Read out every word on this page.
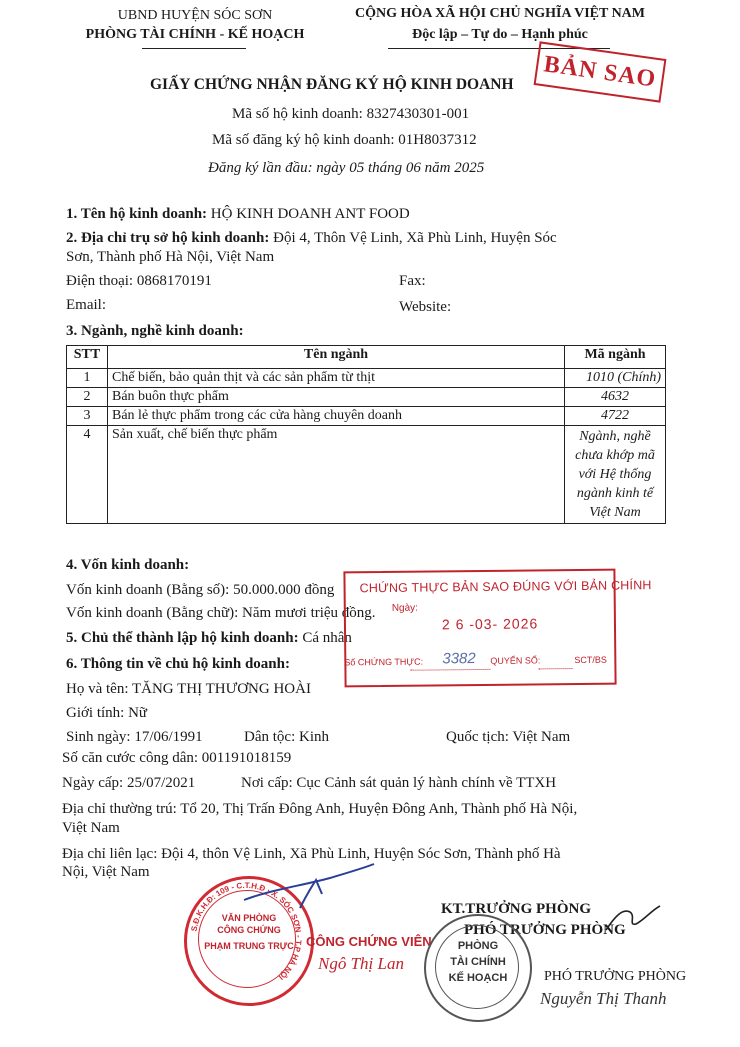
UBND HUYỆN SÓC SƠN
PHÒNG TÀI CHÍNH - KẾ HOẠCH
CỘNG HÒA XÃ HỘI CHỦ NGHĨA VIỆT NAM
Độc lập – Tự do – Hạnh phúc
BẢN SAO
GIẤY CHỨNG NHẬN ĐĂNG KÝ HỘ KINH DOANH
Mã số hộ kinh doanh: 8327430301-001
Mã số đăng ký hộ kinh doanh: 01H8037312
Đăng ký lần đầu: ngày 05 tháng 06 năm 2025
1. Tên hộ kinh doanh: HỘ KINH DOANH ANT FOOD
2. Địa chỉ trụ sở hộ kinh doanh: Đội 4, Thôn Vệ Linh, Xã Phù Linh, Huyện Sóc
Sơn, Thành phố Hà Nội, Việt Nam
Điện thoại: 0868170191	Fax:
Email:	Website:
3. Ngành, nghề kinh doanh:
STT	Tên ngành	Mã ngành
1	Chế biến, bảo quản thịt và các sản phẩm từ thịt	1010 (Chính)
2	Bán buôn thực phẩm	4632
3	Bán lẻ thực phẩm trong các cửa hàng chuyên doanh	4722
4	Sản xuất, chế biến thực phẩm	Ngành, nghề chưa khớp mã với Hệ thống ngành kinh tế Việt Nam
4. Vốn kinh doanh:
Vốn kinh doanh (Bằng số): 50.000.000 đồng
Vốn kinh doanh (Bằng chữ): Năm mươi triệu đồng.
5. Chủ thể thành lập hộ kinh doanh: Cá nhân
6. Thông tin về chủ hộ kinh doanh:
Họ và tên: TĂNG THỊ THƯƠNG HOÀI
Giới tính: Nữ
Sinh ngày: 17/06/1991	Dân tộc: Kinh	Quốc tịch: Việt Nam
Số căn cước công dân: 001191018159
Ngày cấp: 25/07/2021	Nơi cấp: Cục Cảnh sát quản lý hành chính về TTXH
Địa chỉ thường trú: Tổ 20, Thị Trấn Đông Anh, Huyện Đông Anh, Thành phố Hà Nội,
Việt Nam
Địa chỉ liên lạc: Đội 4, thôn Vệ Linh, Xã Phù Linh, Huyện Sóc Sơn, Thành phố Hà
Nội, Việt Nam
CHỨNG THỰC BẢN SAO ĐÚNG VỚI BẢN CHÍNH
Ngày:
2 6 -03- 2026
Số CHỨNG THỰC: 3382 QUYỂN SỐ:	SCT/BS
VĂN PHÒNG
CÔNG CHỨNG
PHẠM TRUNG TRỰC
S.Đ.K.H.Đ: 109 - C.T.H.Đ · X. SÓC SƠN - T.P HÀ NỘI
CÔNG CHỨNG VIÊN
Ngô Thị Lan
KT.TRƯỞNG PHÒNG
PHÓ TRƯỞNG PHÒNG
PHÒNG
TÀI CHÍNH
KẾ HOẠCH	PHÓ TRƯỞNG PHÒNG
Nguyễn Thị Thanh
